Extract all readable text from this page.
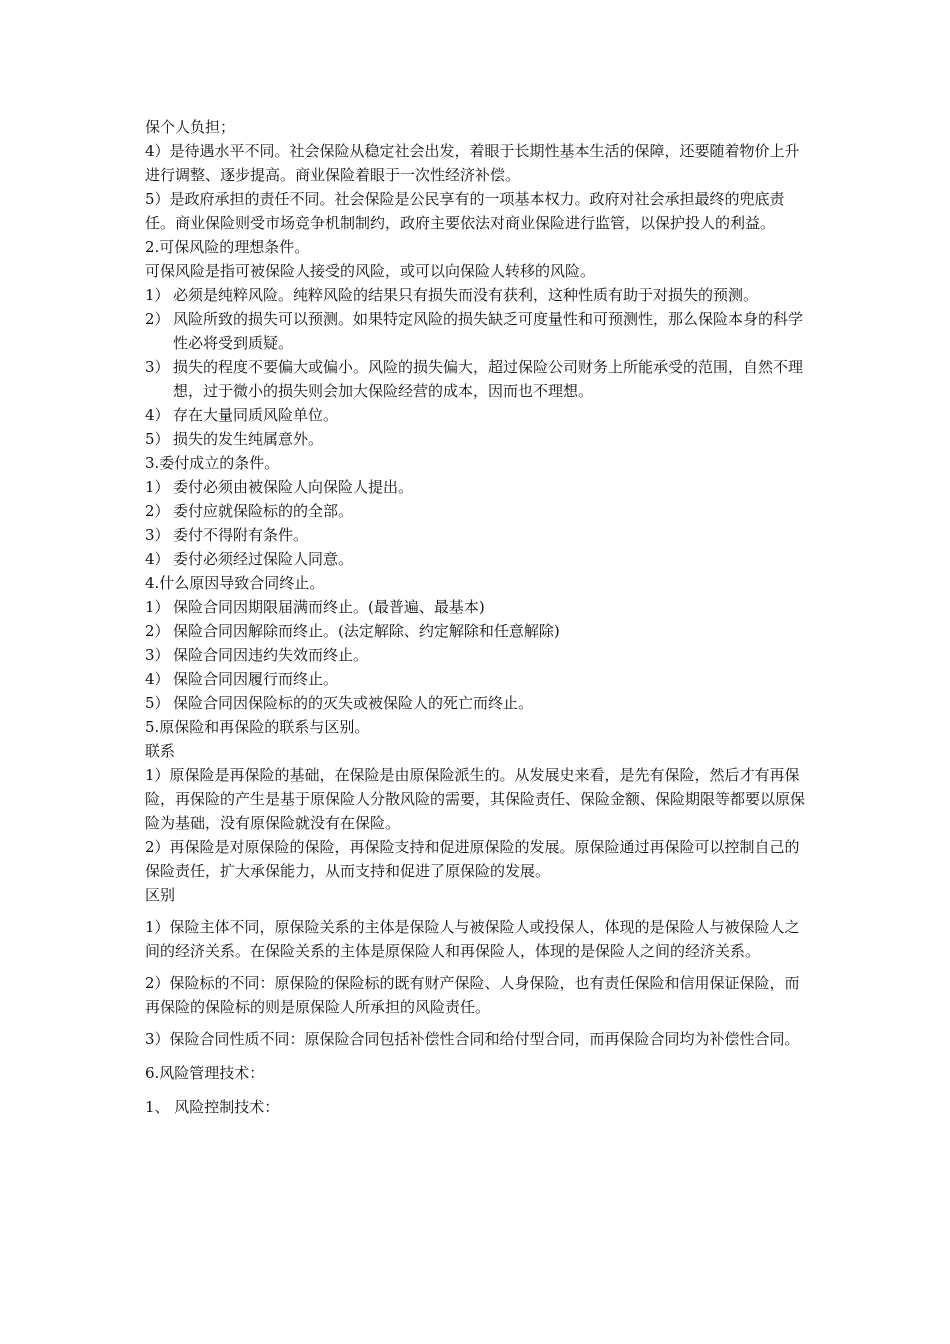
保个人负担；
4）是待遇水平不同。社会保险从稳定社会出发，着眼于长期性基本生活的保障，还要随着物价上升进行调整、逐步提高。商业保险着眼于一次性经济补偿。
5）是政府承担的责任不同。社会保险是公民享有的一项基本权力。政府对社会承担最终的兜底责任。商业保险则受市场竞争机制制约，政府主要依法对商业保险进行监管，以保护投人的利益。
2.可保风险的理想条件。
可保风险是指可被保险人接受的风险，或可以向保险人转移的风险。
1） 必须是纯粹风险。纯粹风险的结果只有损失而没有获利，这种性质有助于对损失的预测。
2） 风险所致的损失可以预测。如果特定风险的损失缺乏可度量性和可预测性，那么保险本身的科学性必将受到质疑。
3） 损失的程度不要偏大或偏小。风险的损失偏大，超过保险公司财务上所能承受的范围，自然不理想，过于微小的损失则会加大保险经营的成本，因而也不理想。
4） 存在大量同质风险单位。
5） 损失的发生纯属意外。
3.委付成立的条件。
1） 委付必须由被保险人向保险人提出。
2） 委付应就保险标的的全部。
3） 委付不得附有条件。
4） 委付必须经过保险人同意。
4.什么原因导致合同终止。
1） 保险合同因期限届满而终止。(最普遍、最基本)
2） 保险合同因解除而终止。(法定解除、约定解除和任意解除)
3） 保险合同因违约失效而终止。
4） 保险合同因履行而终止。
5） 保险合同因保险标的的灭失或被保险人的死亡而终止。
5.原保险和再保险的联系与区别。
联系
1）原保险是再保险的基础，在保险是由原保险派生的。从发展史来看，是先有保险，然后才有再保险，再保险的产生是基于原保险人分散风险的需要，其保险责任、保险金额、保险期限等都要以原保险为基础，没有原保险就没有在保险。
2）再保险是对原保险的保险，再保险支持和促进原保险的发展。原保险通过再保险可以控制自己的保险责任，扩大承保能力，从而支持和促进了原保险的发展。
区别
1）保险主体不同，原保险关系的主体是保险人与被保险人或投保人，体现的是保险人与被保险人之间的经济关系。在保险关系的主体是原保险人和再保险人，体现的是保险人之间的经济关系。
2）保险标的不同：原保险的保险标的既有财产保险、人身保险，也有责任保险和信用保证保险，而再保险的保险标的则是原保险人所承担的风险责任。
3）保险合同性质不同：原保险合同包括补偿性合同和给付型合同，而再保险合同均为补偿性合同。
6.风险管理技术：
1、 风险控制技术：
